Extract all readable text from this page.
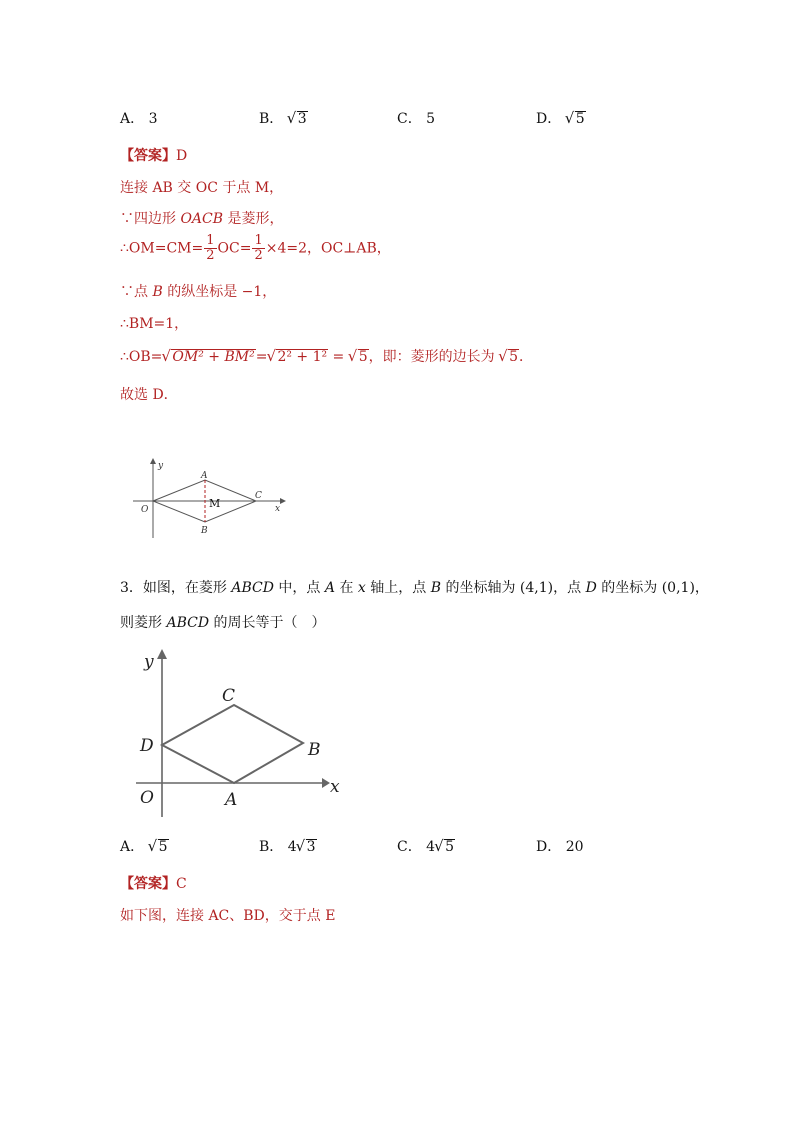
A． 3	B． √ 3	C． 5	D． √ 5
【答案】D
连接 AB 交 OC 于点 M，
∵四边形 OACB 是菱形，
∴OM=CM= $\frac{1}{2} OC= \frac{1}{2} \times 4=2$，OC⊥AB，
∵点 B 的纵坐标是 −1，
∴BM=1，
∴OB= √ OM² + BM²= √ 2² + 1² = √ 5，即：菱形的边长为 √ 5．
故选 D．
y
x
O
A
C
B
M
3．如图，在菱形 ABCD 中，点 A 在 x 轴上，点 B 的坐标轴为 (4,1)，点 D 的坐标为 (0,1)，
则菱形 ABCD 的周长等于（　）
y
x
O	A
B
C
D
A． √ 5	B． 4 √ 3	C． 4 √ 5	D． 20
【答案】C
如下图，连接 AC、BD，交于点 E
